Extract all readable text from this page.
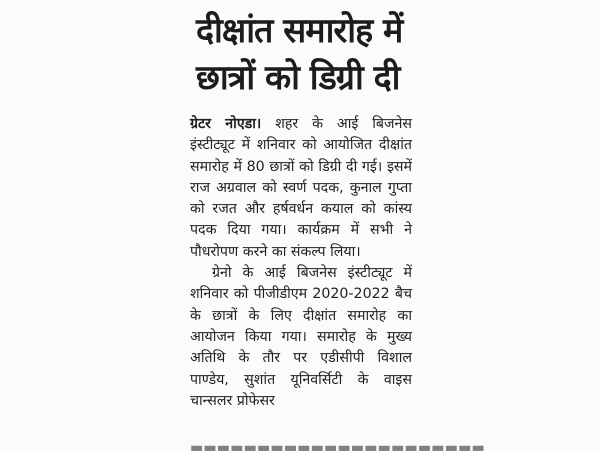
दीक्षांत समारोह में
छात्रों को डिग्री दी

ग्रेटर नोएडा। शहर के आई बिजनेस इंस्टीट्यूट में शनिवार को आयोजित दीक्षांत समारोह में 80 छात्रों को डिग्री दी गई। इसमें राज अग्रवाल को स्वर्ण पदक, कुनाल गुप्ता को रजत और हर्षवर्धन कयाल को कांस्य पदक दिया गया। कार्यक्रम में सभी ने पौधरोपण करने का संकल्प लिया।

ग्रेनो के आई बिजनेस इंस्टीट्यूट में शनिवार को पीजीडीएम 2020-2022 बैच के छात्रों के लिए दीक्षांत समारोह का आयोजन किया गया। समारोह के मुख्य अतिथि के तौर पर एडीसीपी विशाल पाण्डेय, सुशांत यूनिवर्सिटी के वाइस चान्सलर प्रोफेसर

▬▬▬▬▬▬▬▬▬▬▬▬▬▬▬▬▬▬▬▬▬▬
